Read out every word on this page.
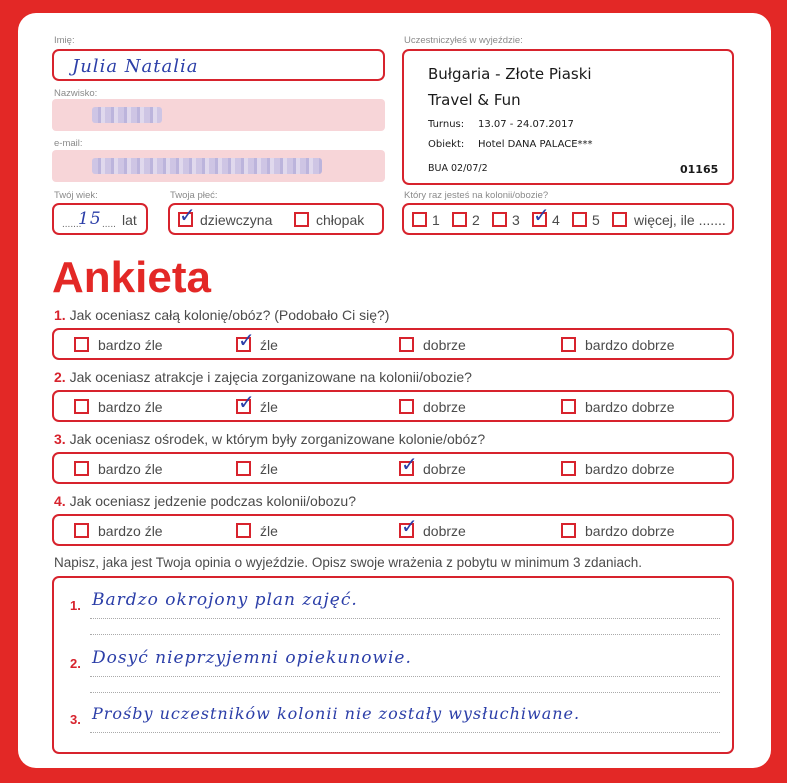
Imię:
Julia Natalia
Nazwisko:
e-mail:
Twój wiek:
.......
15 ..... lat
Twoja płeć:
✓ dziewczyna	chłopak
Uczestniczyłeś w wyjeździe:
Bułgaria - Złote Piaski
Travel & Fun
Turnus: 13.07 - 24.07.2017
Obiekt: Hotel DANA PALACE***
BUA 02/07/2	01165
Który raz jesteś na kolonii/obozie?
1 2 3 ✓ 4 5 więcej, ile .......
Ankieta
1. Jak oceniasz całą kolonię/obóz? (Podobało Ci się?)
bardzo źle	✓ źle	dobrze	bardzo dobrze
2. Jak oceniasz atrakcje i zajęcia zorganizowane na kolonii/obozie?
bardzo źle	✓ źle	dobrze	bardzo dobrze
3. Jak oceniasz ośrodek, w którym były zorganizowane kolonie/obóz?
bardzo źle	źle	✓ dobrze	bardzo dobrze
4. Jak oceniasz jedzenie podczas kolonii/obozu?
bardzo źle	źle	✓ dobrze	bardzo dobrze
Napisz, jaka jest Twoja opinia o wyjeździe. Opisz swoje wrażenia z pobytu w minimum 3 zdaniach.
1. Bardzo okrojony plan zajęć.
2. Dosyć nieprzyjemni opiekunowie.
3. Prośby uczestników kolonii nie zostały wysłuchiwane.
